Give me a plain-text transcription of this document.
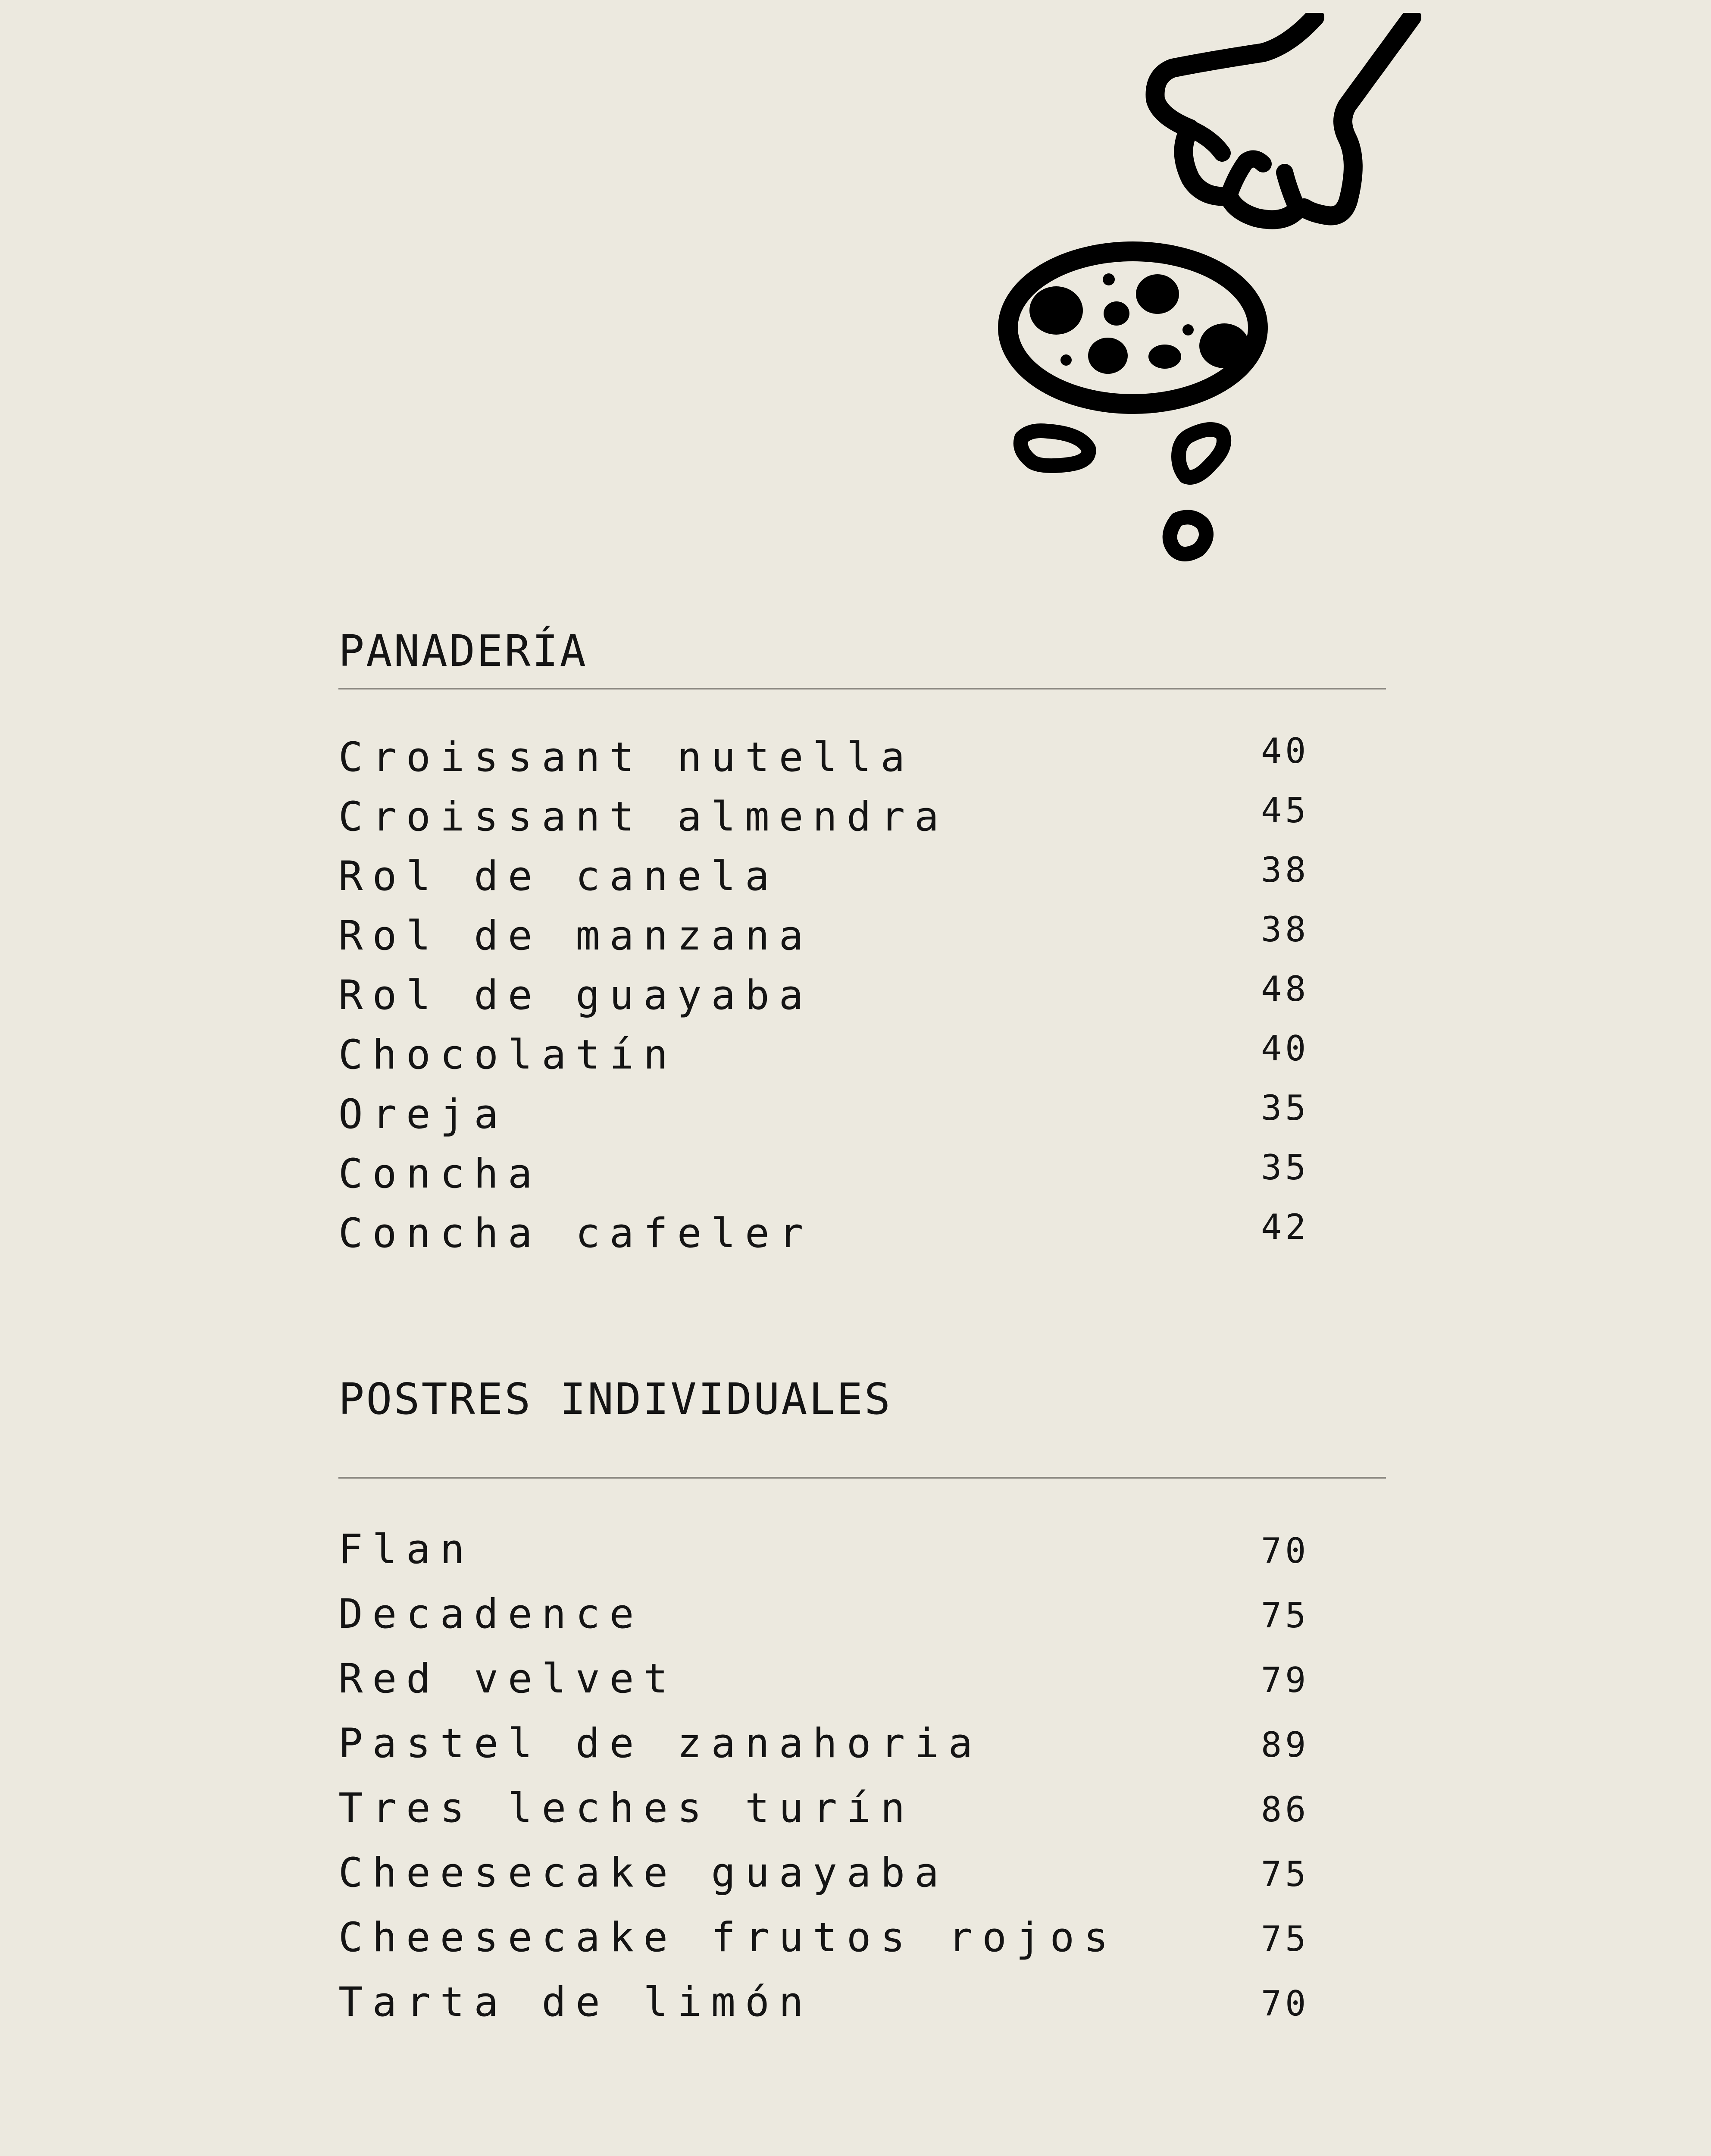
PANADERÍA
Croissant nutella	40
Croissant almendra	45
Rol de canela	38
Rol de manzana	38
Rol de guayaba	48
Chocolatín	40
Oreja	35
Concha	35
Concha cafeler	42
POSTRES INDIVIDUALES
Flan	70
Decadence	75
Red velvet	79
Pastel de zanahoria	89
Tres leches turín	86
Cheesecake guayaba	75
Cheesecake frutos rojos	75
Tarta de limón	70
